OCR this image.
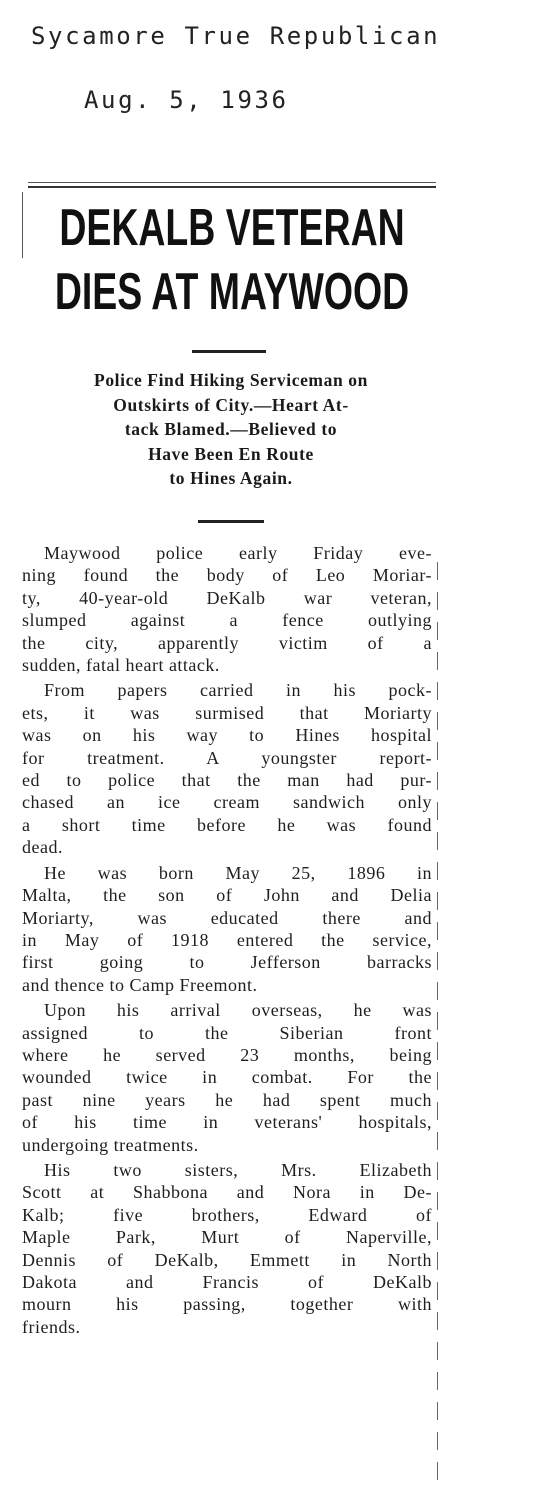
Sycamore True Republican
Aug. 5, 1936
DEKALB VETERAN
DIES AT MAYWOOD
Police Find Hiking Serviceman on
Outskirts of City.—Heart At-
tack Blamed.—Believed to
Have Been En Route
to Hines Again.

Maywood police early Friday eve-
ning found the body of Leo Moriar-
ty, 40-year-old DeKalb war veteran,
slumped against a fence outlying
the city, apparently victim of a
sudden, fatal heart attack.

From papers carried in his pock-
ets, it was surmised that Moriarty
was on his way to Hines hospital
for treatment. A youngster report-
ed to police that the man had pur-
chased an ice cream sandwich only
a short time before he was found
dead.

He was born May 25, 1896 in
Malta, the son of John and Delia
Moriarty, was educated there and
in May of 1918 entered the service,
first going to Jefferson barracks
and thence to Camp Freemont.

Upon his arrival overseas, he was
assigned to the Siberian front
where he served 23 months, being
wounded twice in combat. For the
past nine years he had spent much
of his time in veterans' hospitals,
undergoing treatments.

His two sisters, Mrs. Elizabeth
Scott at Shabbona and Nora in De-
Kalb; five brothers, Edward of
Maple Park, Murt of Naperville,
Dennis of DeKalb, Emmett in North
Dakota and Francis of DeKalb
mourn his passing, together with
friends.
